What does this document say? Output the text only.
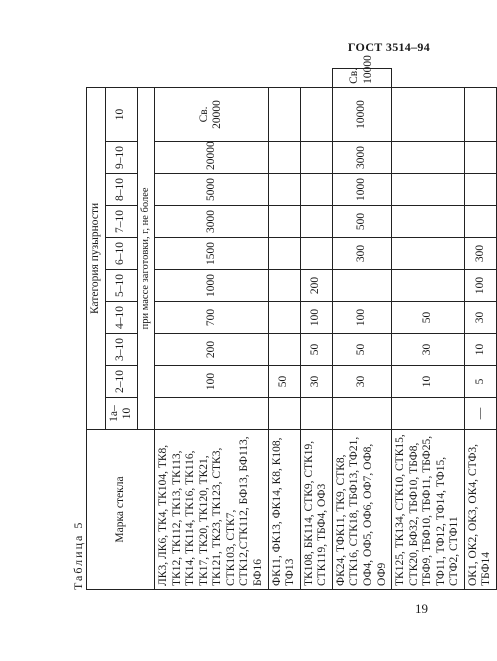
ГОСТ 3514–94
Таблица 5
Марка стекла	Категория пузырности										
	1а–10	2–10	3–10	4–10	5–10	6–10	7–10	8–10	9–10	10	
	при массе заготовки, г, не более										
ЛК3, ЛК6, ТК4, ТК104, ТК8, ТК12, ТК112, ТК13, ТК113, ТК14, ТК114, ТК16, ТК116, ТК17, ТК20, ТК120, ТК21, ТК121, ТК23, ТК123, СТК3, СТК103, СТК7, СТК12,СТК112, БФ13, БФ113, БФ16		100	200	700	1000	1500	3000	5000	20000	Св. 20000	

ФК11, ФК13, ФК14, К8, К108, ТФ13		50									
ТК108, БК114, СТК9, СТК19, СТК119, ТБФ4, ОФ3		30	50	100	200						
ФК24, ТФК11, ТК9, СТК8, СТК16, СТК18, ТБФ13, ТФ21, ОФ4, ОФ5, ОФ6, ОФ7, ОФ8, ОФ9		30	50	100		300	500	1000	3000	10000	Св. 10000
ТК125, ТК134, СТК10, СТК15, СТК20, БФ32, ТБФ10, ТБФ8, ТБФ9, ТБФ10, ТБФ11, ТБФ25, ТФ11, ТФ12, ТФ14, ТФ15, СТФ2, СТФ11		10	30	50							
ОК1, ОК2, ОК3, ОК4, СТФ3, ТБФ14	—	5	10	30	100	300					
19
